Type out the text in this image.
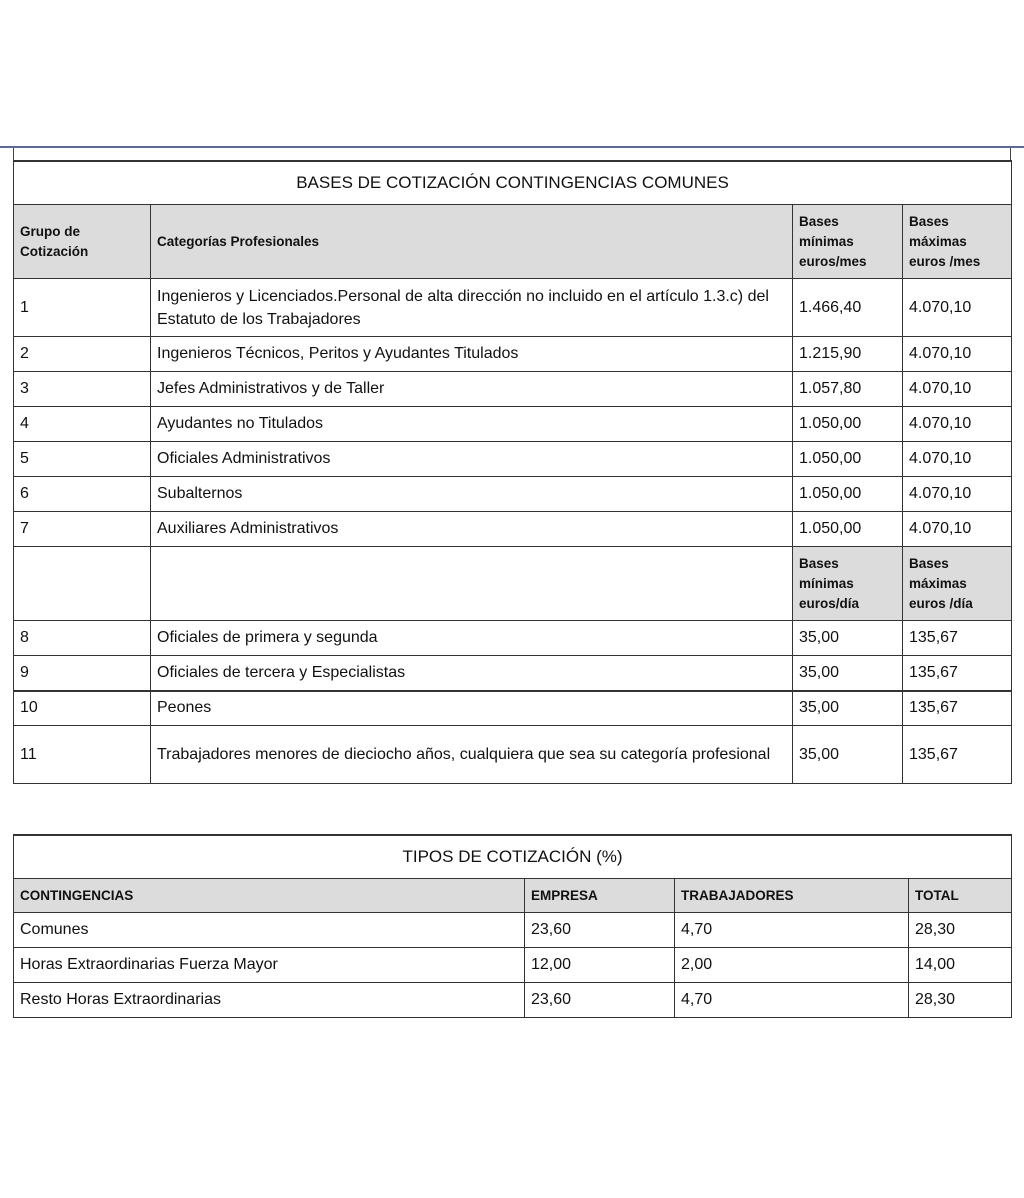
BASES DE COTIZACIÓN CONTINGENCIAS COMUNES			
Grupo de Cotización	Categorías Profesionales	Bases mínimas euros/mes	Bases máximas euros /mes
1	Ingenieros y Licenciados.Personal de alta dirección no incluido en el artículo 1.3.c) del Estatuto de los Trabajadores	1.466,40	4.070,10
2	Ingenieros Técnicos, Peritos y Ayudantes Titulados	1.215,90	4.070,10
3	Jefes Administrativos y de Taller	1.057,80	4.070,10
4	Ayudantes no Titulados	1.050,00	4.070,10
5	Oficiales Administrativos	1.050,00	4.070,10
6	Subalternos	1.050,00	4.070,10
7	Auxiliares Administrativos	1.050,00	4.070,10
		Bases mínimas euros/día	Bases máximas euros /día
8	Oficiales de primera y segunda	35,00	135,67
9	Oficiales de tercera y Especialistas	35,00	135,67
10	Peones	35,00	135,67
11	Trabajadores menores de dieciocho años, cualquiera que sea su categoría profesional	35,00	135,67
TIPOS DE COTIZACIÓN (%)			
CONTINGENCIAS	EMPRESA	TRABAJADORES	TOTAL
Comunes	23,60	4,70	28,30
Horas Extraordinarias Fuerza Mayor	12,00	2,00	14,00
Resto Horas Extraordinarias	23,60	4,70	28,30
